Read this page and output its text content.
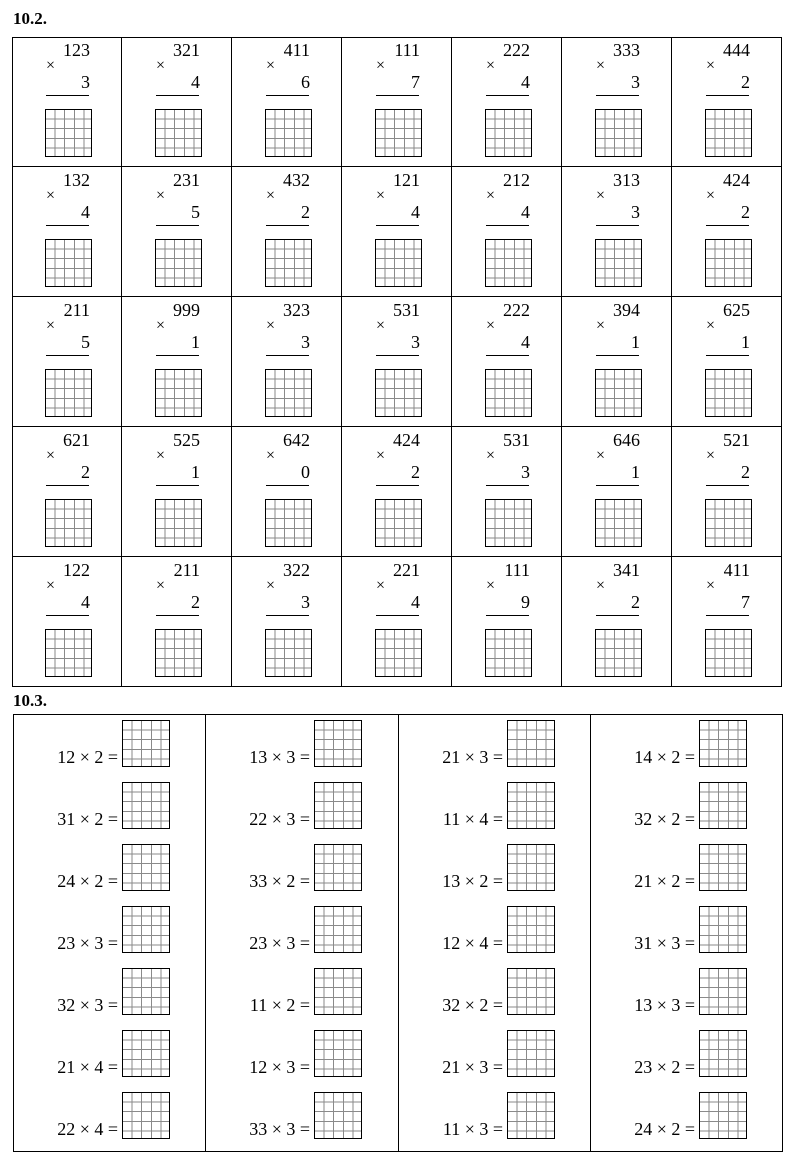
10.2.
×
123
3
×
321
4
×
411
6
×
111
7
×
222
4
×
333
3
×
444
2
×
132
4
×
231
5
×
432
2
×
121
4
×
212
4
×
313
3
×
424
2
×
211
5
×
999
1
×
323
3
×
531
3
×
222
4
×
394
1
×
625
1
×
621
2
×
525
1
×
642
0
×
424
2
×
531
3
×
646
1
×
521
2
×
122
4
×
211
2
×
322
3
×
221
4
×
111
9
×
341
2
×
411
7
10.3.
12 × 2 =
31 × 2 =
24 × 2 =
23 × 3 =
32 × 3 =
21 × 4 =
22 × 4 =
13 × 3 =
22 × 3 =
33 × 2 =
23 × 3 =
11 × 2 =
12 × 3 =
33 × 3 =
21 × 3 =
11 × 4 =
13 × 2 =
12 × 4 =
32 × 2 =
21 × 3 =
11 × 3 =
14 × 2 =
32 × 2 =
21 × 2 =
31 × 3 =
13 × 3 =
23 × 2 =
24 × 2 =
